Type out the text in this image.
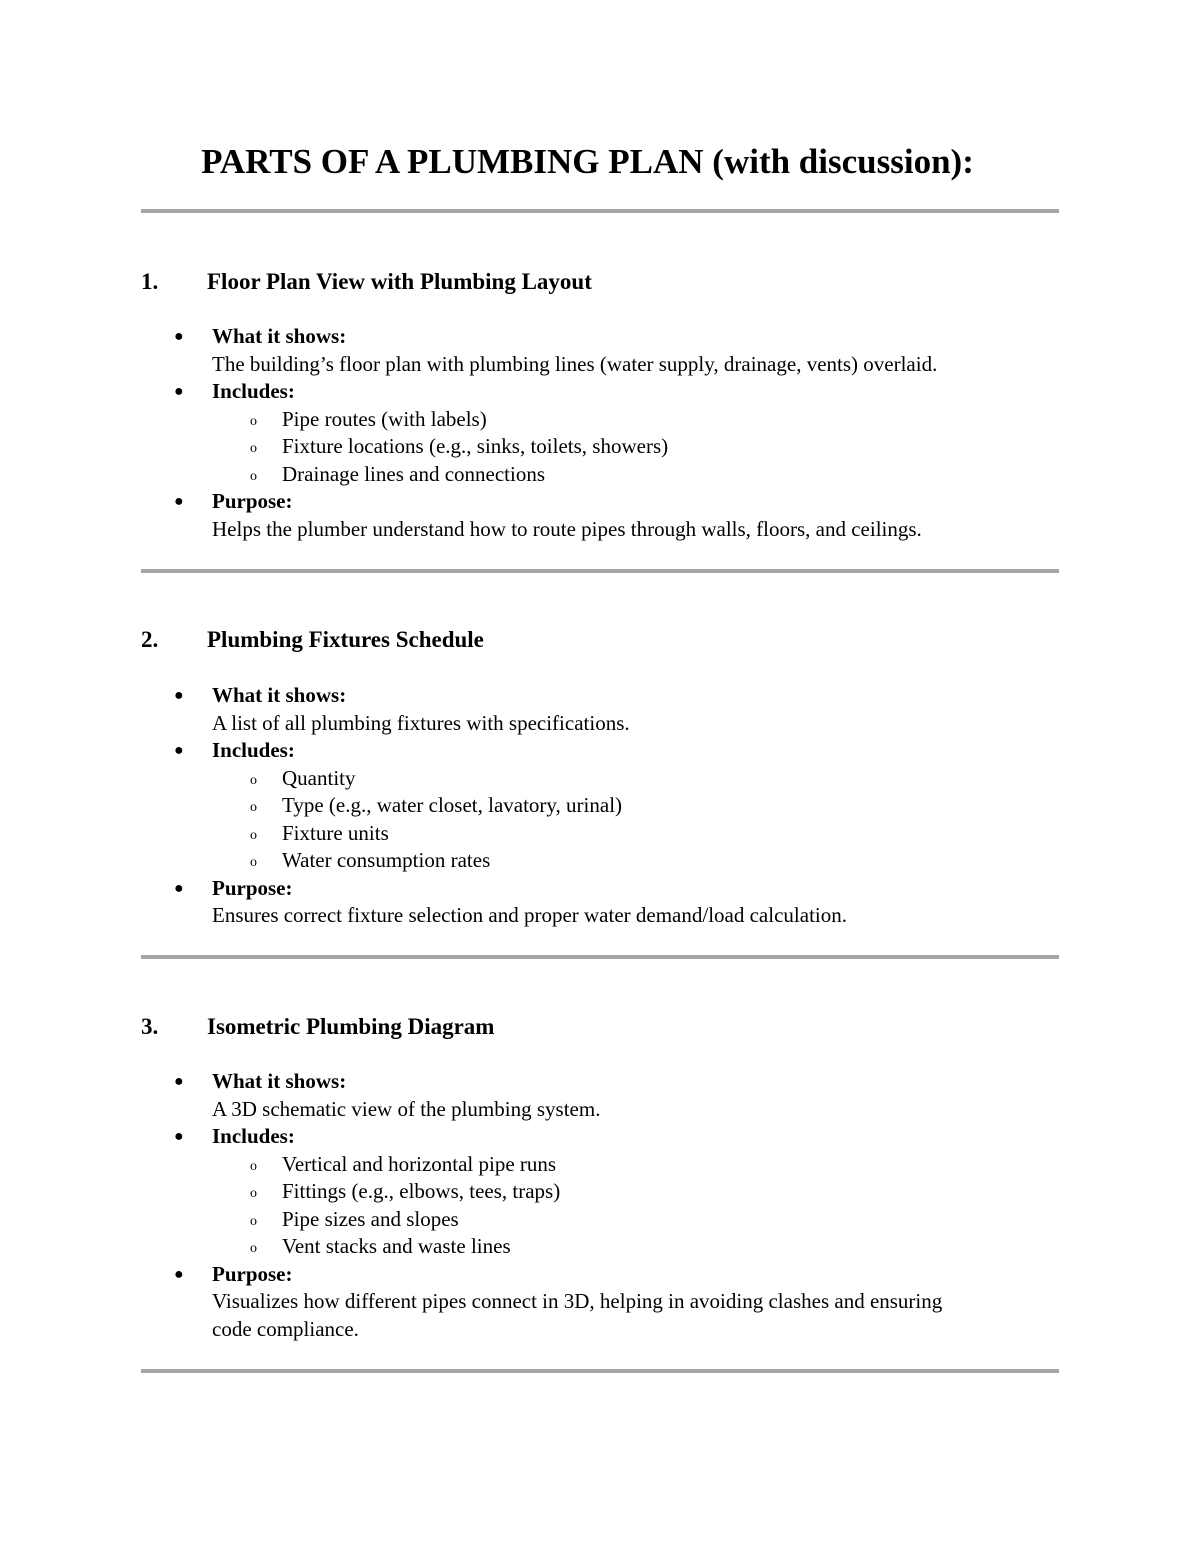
PARTS OF A PLUMBING PLAN (with discussion):
1. Floor Plan View with Plumbing Layout
● What it shows:
The building’s floor plan with plumbing lines (water supply, drainage, vents) overlaid.
● Includes:
o Pipe routes (with labels)
o Fixture locations (e.g., sinks, toilets, showers)
o Drainage lines and connections
● Purpose:
Helps the plumber understand how to route pipes through walls, floors, and ceilings.
2. Plumbing Fixtures Schedule
● What it shows:
A list of all plumbing fixtures with specifications.
● Includes:
o Quantity
o Type (e.g., water closet, lavatory, urinal)
o Fixture units
o Water consumption rates
● Purpose:
Ensures correct fixture selection and proper water demand/load calculation.
3. Isometric Plumbing Diagram
● What it shows:
A 3D schematic view of the plumbing system.
● Includes:
o Vertical and horizontal pipe runs
o Fittings (e.g., elbows, tees, traps)
o Pipe sizes and slopes
o Vent stacks and waste lines
● Purpose:
Visualizes how different pipes connect in 3D, helping in avoiding clashes and ensuring
code compliance.
